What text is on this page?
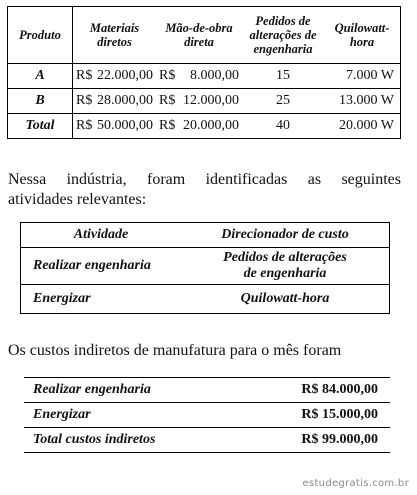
Produto	Materiais diretos	Mão-de-obra direta	Pedidos de alterações de engenharia	Quilowatt-hora
A	R$ 22.000,00	R$ 8.000,00	15	7.000 W
B	R$ 28.000,00	R$ 12.000,00	25	13.000 W
Total	R$ 50.000,00	R$ 20.000,00	40	20.000 W
Nessa indústria, foram identificadas as seguintes
atividades relevantes:
Atividade	Direcionador de custo
Realizar engenharia	Pedidos de alterações
de engenharia

Energizar	Quilowatt-hora

Os custos indiretos de manufatura para o mês foram

Realizar engenharia	R$ 84.000,00
Energizar	R$ 15.000,00
Total custos indiretos	R$ 99.000,00
estudegratis.com.br
